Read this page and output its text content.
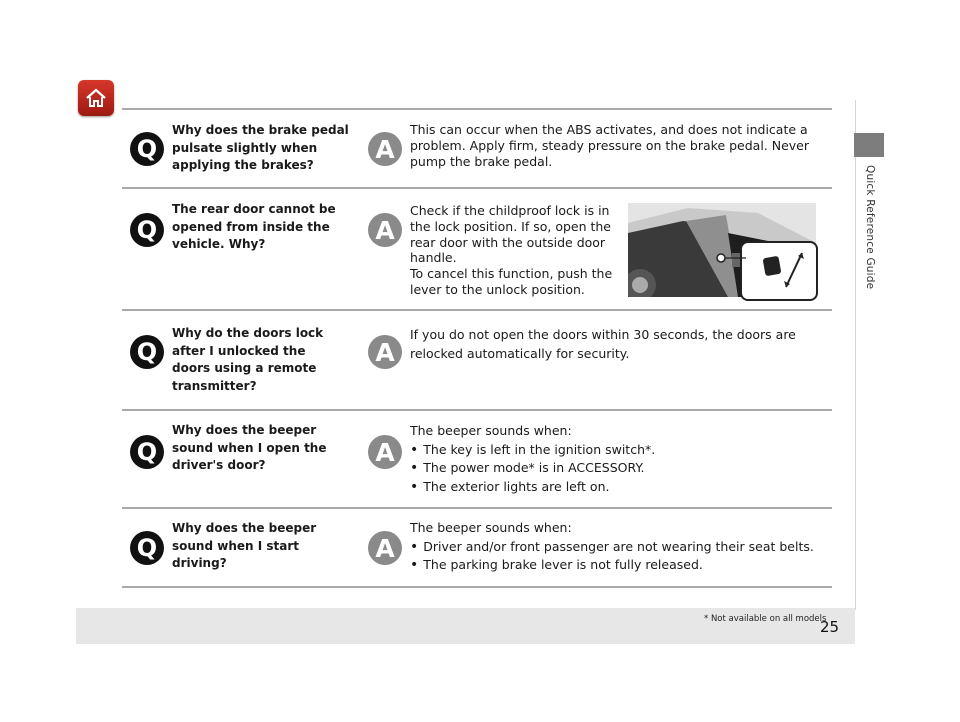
Quick Reference Guide
Q
Why does the brake pedal pulsate slightly when applying the brakes?
A
This can occur when the ABS activates, and does not indicate a problem. Apply firm, steady pressure on the brake pedal. Never pump the brake pedal.
Q
The rear door cannot be opened from inside the vehicle. Why?	A
Check if the childproof lock is in
the lock position. If so, open the
rear door with the outside door
handle.
To cancel this function, push the
lever to the unlock position.
Q
Why do the doors lock after I unlocked the doors using a remote transmitter?
A
If you do not open the doors within 30 seconds, the doors are relocked automatically for security.
Q
Why does the beeper sound when I open the driver's door?	A
The beeper sounds when:
• The key is left in the ignition switch*.
• The power mode* is in ACCESSORY.
• The exterior lights are left on.
Q
Why does the beeper sound when I start driving?
A
The beeper sounds when:
• Driver and/or front passenger are not wearing their seat belts.
• The parking brake lever is not fully released.
* Not available on all models
25
